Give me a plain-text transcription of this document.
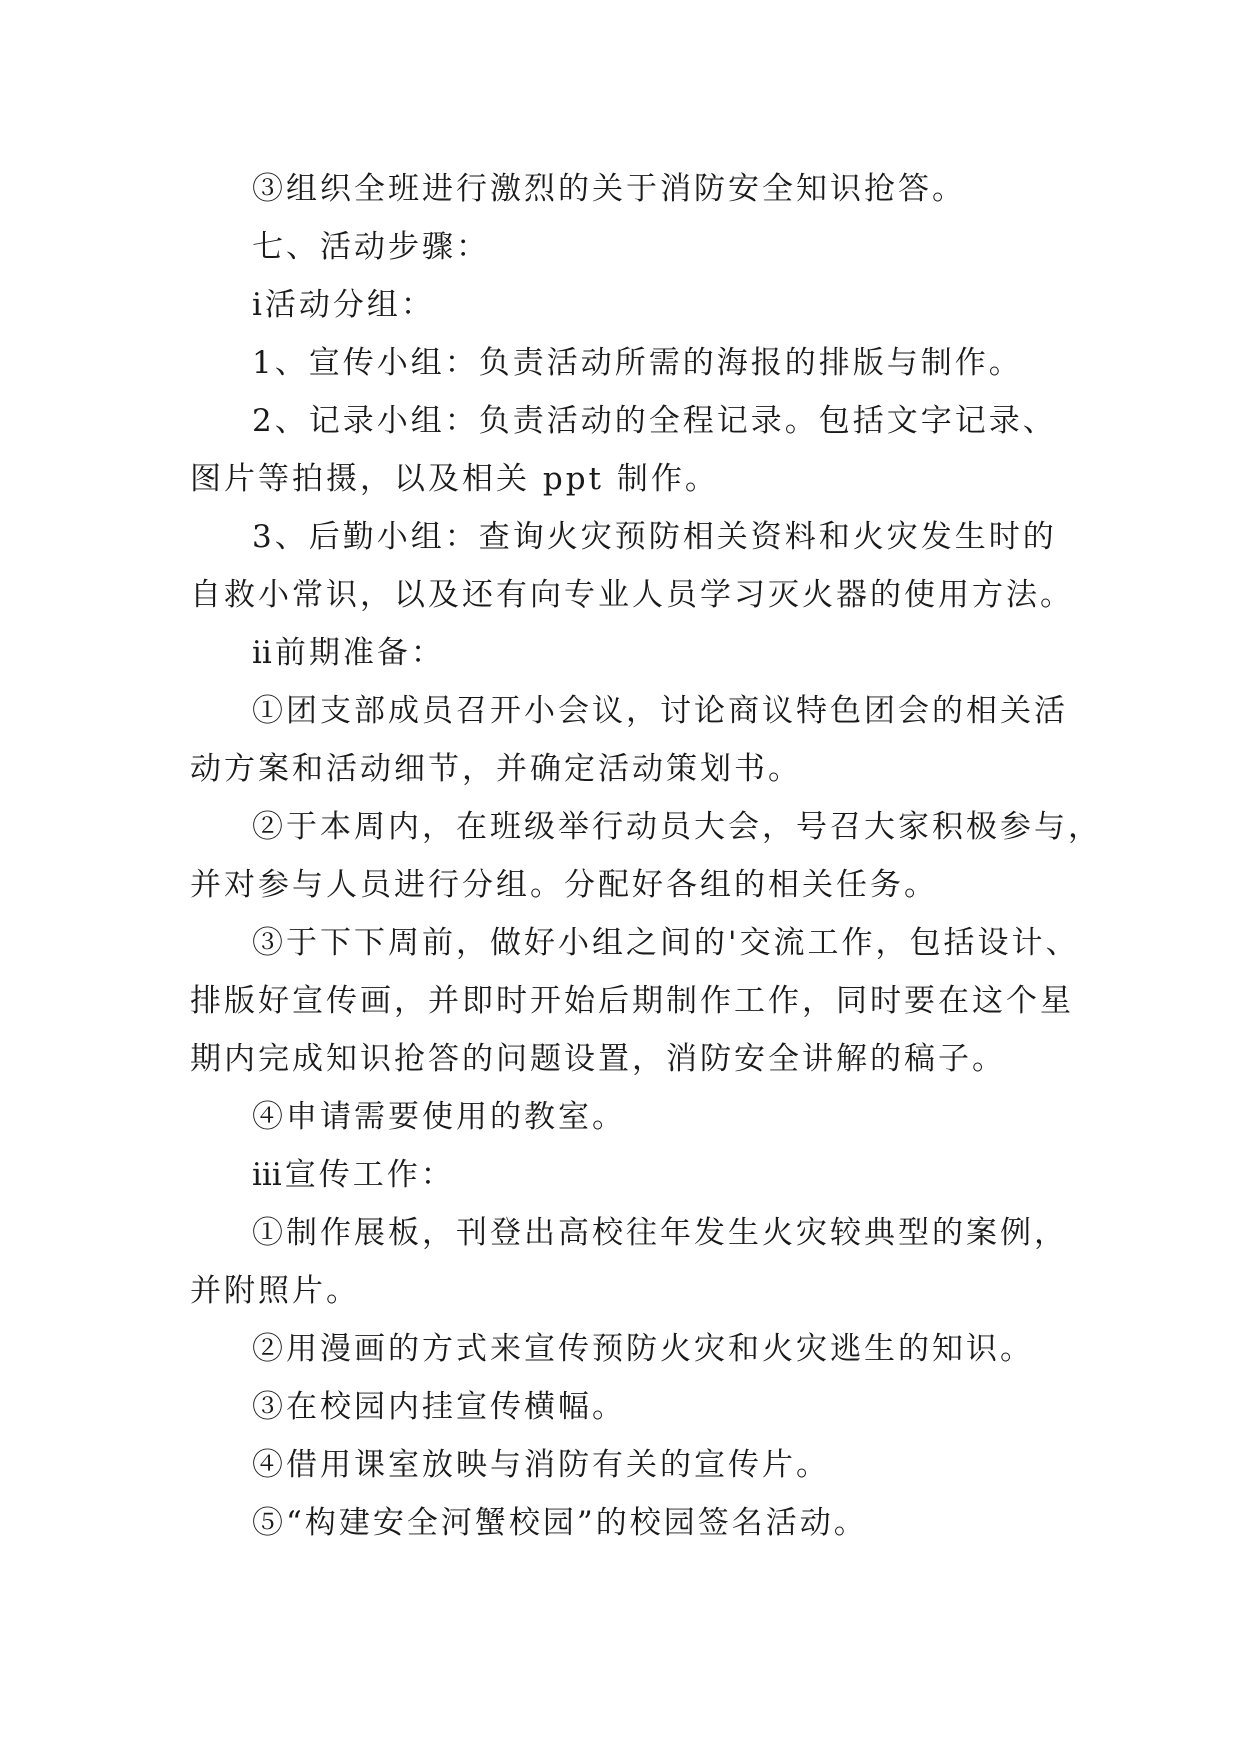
③组织全班进行激烈的关于消防安全知识抢答。
七、活动步骤：
ⅰ活动分组：
1、宣传小组：负责活动所需的海报的排版与制作。
2、记录小组：负责活动的全程记录。包括文字记录、
图片等拍摄，以及相关 ppt 制作。
3、后勤小组：查询火灾预防相关资料和火灾发生时的
自救小常识，以及还有向专业人员学习灭火器的使用方法。
ⅱ前期准备：
①团支部成员召开小会议，讨论商议特色团会的相关活
动方案和活动细节，并确定活动策划书。
②于本周内，在班级举行动员大会，号召大家积极参与，
并对参与人员进行分组。分配好各组的相关任务。
③于下下周前，做好小组之间的'交流工作，包括设计、
排版好宣传画，并即时开始后期制作工作，同时要在这个星
期内完成知识抢答的问题设置，消防安全讲解的稿子。
④申请需要使用的教室。
ⅲ宣传工作：
①制作展板，刊登出高校往年发生火灾较典型的案例，
并附照片。
②用漫画的方式来宣传预防火灾和火灾逃生的知识。
③在校园内挂宣传横幅。
④借用课室放映与消防有关的宣传片。
⑤“构建安全河蟹校园”的校园签名活动。
